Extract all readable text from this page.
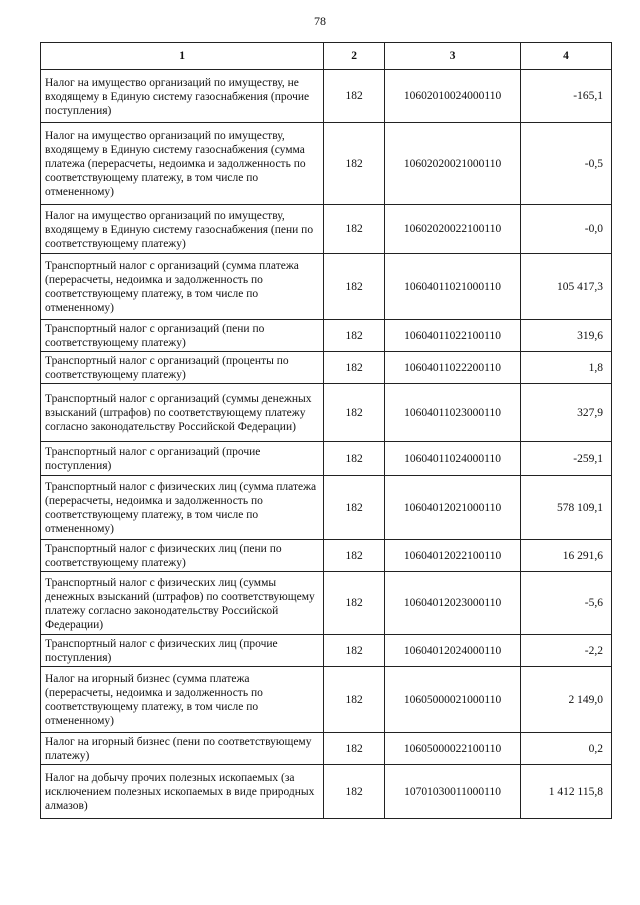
78
1	2	3	4
Налог на имущество организаций по имуществу, не входящему в Единую систему газоснабжения (прочие поступления)	182	10602010024000110	-165,1
Налог на имущество организаций по имуществу, входящему в Единую систему газоснабжения (сумма платежа (перерасчеты, недоимка и задолженность по соответствующему платежу, в том числе по отмененному)	182	10602020021000110	-0,5
Налог на имущество организаций по имуществу, входящему в Единую систему газоснабжения (пени по соответствующему платежу)	182	10602020022100110	-0,0
Транспортный налог с организаций (сумма платежа (перерасчеты, недоимка и задолженность по соответствующему платежу, в том числе по отмененному)	182	10604011021000110	105 417,3
Транспортный налог с организаций (пени по соответствующему платежу)	182	10604011022100110	319,6
Транспортный налог с организаций (проценты по соответствующему платежу)	182	10604011022200110	1,8
Транспортный налог с организаций (суммы денежных взысканий (штрафов) по соответствующему платежу согласно законодательству Российской Федерации)	182	10604011023000110	327,9
Транспортный налог с организаций (прочие поступления)	182	10604011024000110	-259,1
Транспортный налог с физических лиц (сумма платежа (перерасчеты, недоимка и задолженность по соответствующему платежу, в том числе по отмененному)	182	10604012021000110	578 109,1
Транспортный налог с физических лиц (пени по соответствующему платежу)	182	10604012022100110	16 291,6
Транспортный налог с физических лиц (суммы денежных взысканий (штрафов) по соответствующему платежу согласно законодательству Российской Федерации)	182	10604012023000110	-5,6
Транспортный налог с физических лиц (прочие поступления)	182	10604012024000110	-2,2
Налог на игорный бизнес (сумма платежа (перерасчеты, недоимка и задолженность по соответствующему платежу, в том числе по отмененному)	182	10605000021000110	2 149,0
Налог на игорный бизнес (пени по соответствующему платежу)	182	10605000022100110	0,2
Налог на добычу прочих полезных ископаемых (за исключением полезных ископаемых в виде природных алмазов)	182	10701030011000110	1 412 115,8
